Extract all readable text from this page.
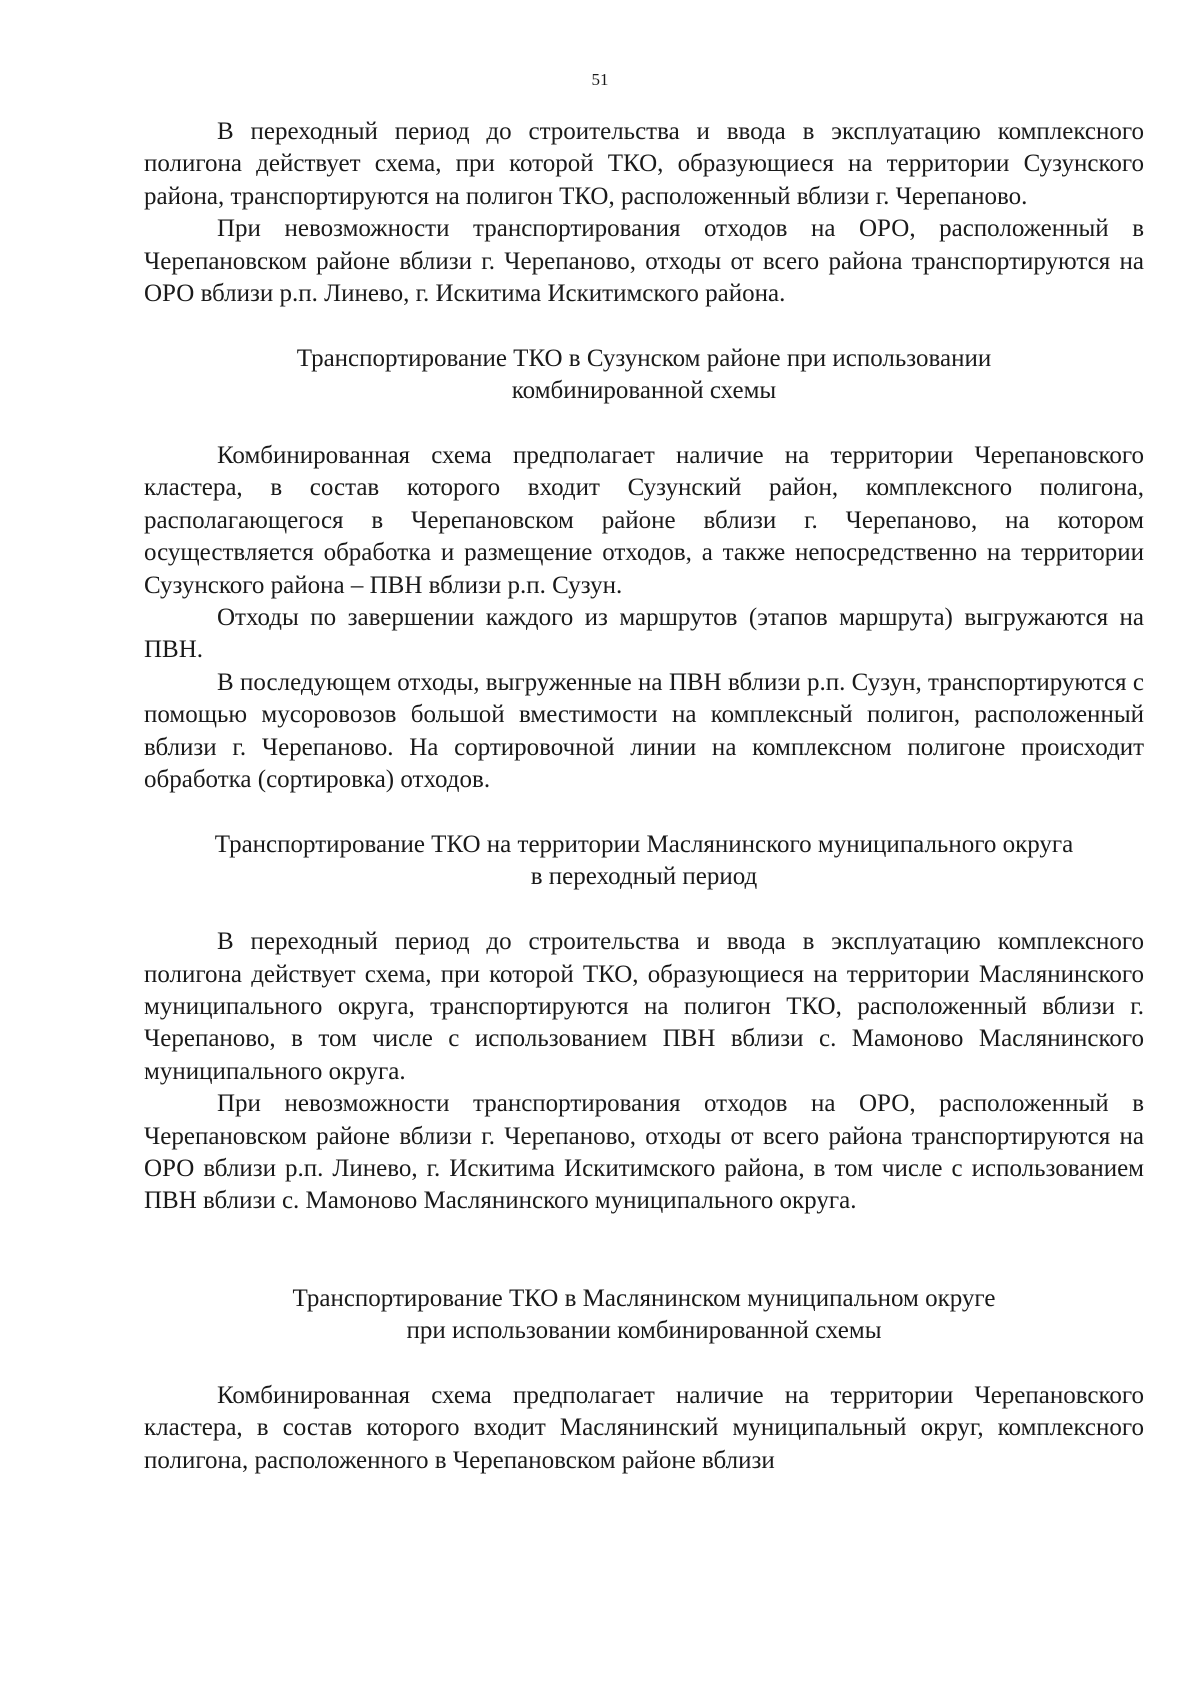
51

В переходный период до строительства и ввода в эксплуатацию комплексного полигона действует схема, при которой ТКО, образующиеся на территории Сузунского района, транспортируются на полигон ТКО, расположенный вблизи г. Черепаново.

При невозможности транспортирования отходов на ОРО, расположенный в Черепановском районе вблизи г. Черепаново, отходы от всего района транспортируются на ОРО вблизи р.п. Линево, г. Искитима Искитимского района.

Транспортирование ТКО в Сузунском районе при использовании

комбинированной схемы

Комбинированная схема предполагает наличие на территории Черепановского кластера, в состав которого входит Сузунский район, комплексного полигона, располагающегося в Черепановском районе вблизи г. Черепаново, на котором осуществляется обработка и размещение отходов, а также непосредственно на территории Сузунского района – ПВН вблизи р.п. Сузун.

Отходы по завершении каждого из маршрутов (этапов маршрута) выгружаются на ПВН.

В последующем отходы, выгруженные на ПВН вблизи р.п. Сузун, транспортируются с помощью мусоровозов большой вместимости на комплексный полигон, расположенный вблизи г. Черепаново. На сортировочной линии на комплексном полигоне происходит обработка (сортировка) отходов.

Транспортирование ТКО на территории Маслянинского муниципального округа

в переходный период

В переходный период до строительства и ввода в эксплуатацию комплексного полигона действует схема, при которой ТКО, образующиеся на территории Маслянинского муниципального округа, транспортируются на полигон ТКО, расположенный вблизи г. Черепаново, в том числе с использованием ПВН вблизи с. Мамоново Маслянинского муниципального округа.

При невозможности транспортирования отходов на ОРО, расположенный в Черепановском районе вблизи г. Черепаново, отходы от всего района транспортируются на ОРО вблизи р.п. Линево, г. Искитима Искитимского района, в том числе с использованием ПВН вблизи с. Мамоново Маслянинского муниципального округа.

Транспортирование ТКО в Маслянинском муниципальном округе

при использовании комбинированной схемы

Комбинированная схема предполагает наличие на территории Черепановского кластера, в состав которого входит Маслянинский муниципальный округ, комплексного полигона, расположенного в Черепановском районе вблизи
